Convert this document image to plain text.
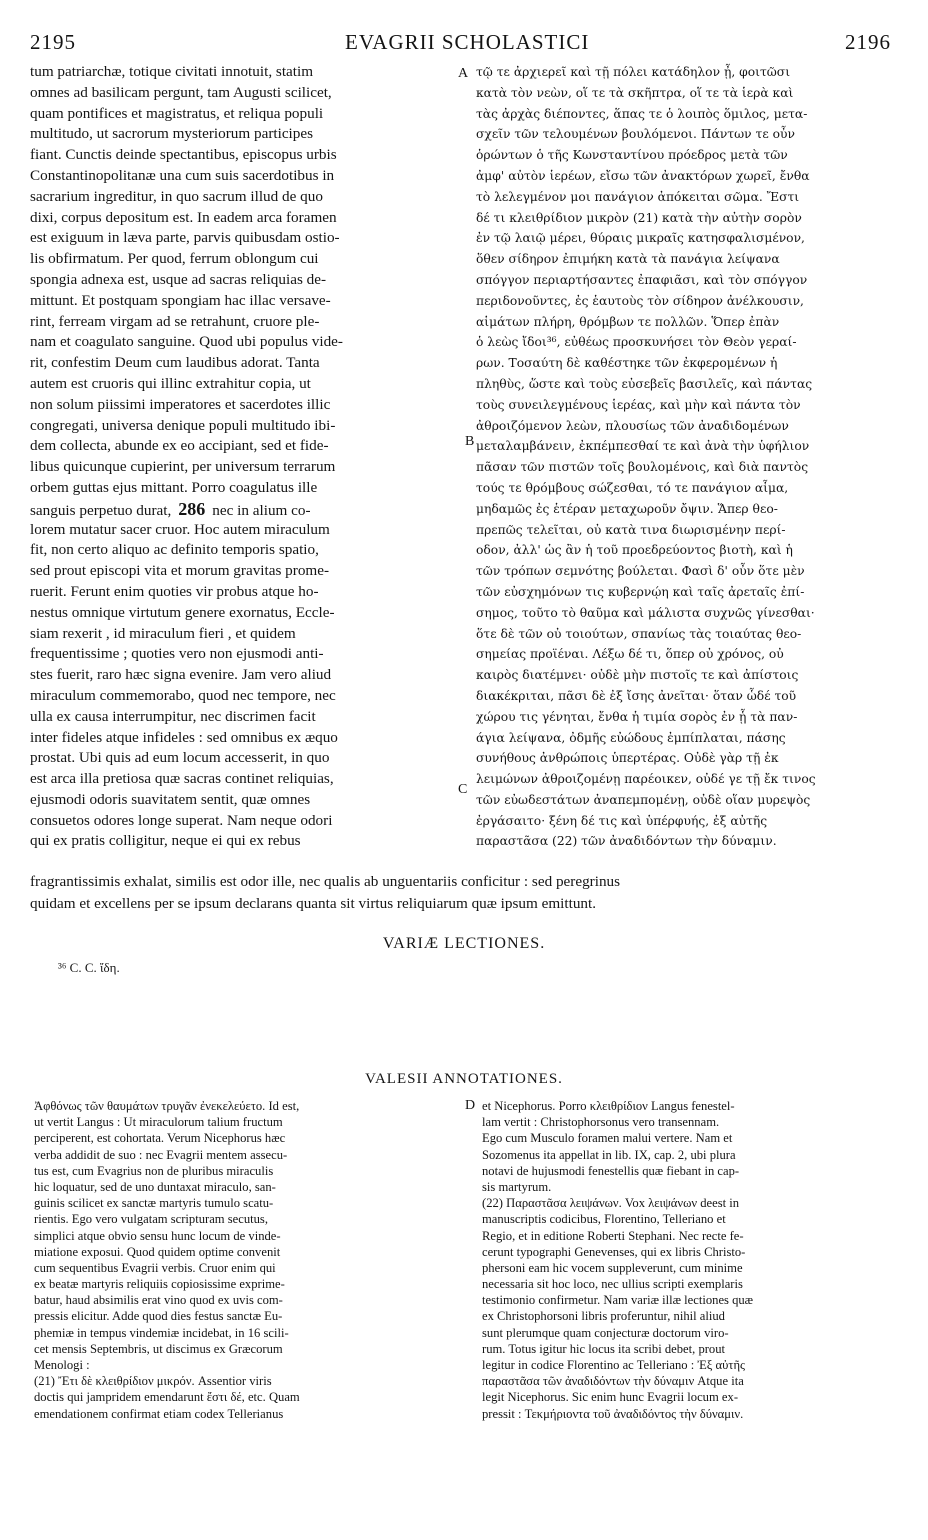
2195	EVAGRII SCHOLASTICI	2196
tum patriarchæ, totique civitati innotuit, statim
omnes ad basilicam pergunt, tam Augusti scilicet,
quam pontifices et magistratus, et reliqua populi
multitudo, ut sacrorum mysteriorum participes
fiant. Cunctis deinde spectantibus, episcopus urbis
Constantinopolitanæ una cum suis sacerdotibus in
sacrarium ingreditur, in quo sacrum illud de quo
dixi, corpus depositum est. In eadem arca foramen
est exiguum in læva parte, parvis quibusdam ostio-
lis obfirmatum. Per quod, ferrum oblongum cui
spongia adnexa est, usque ad sacras reliquias de-
mittunt. Et postquam spongiam hac illac versave-
rint, ferream virgam ad se retrahunt, cruore ple-
nam et coagulato sanguine. Quod ubi populus vide-
rit, confestim Deum cum laudibus adorat. Tanta
autem est cruoris qui illinc extrahitur copia, ut
non solum piissimi imperatores et sacerdotes illic
congregati, universa denique populi multitudo ibi-
dem collecta, abunde ex eo accipiant, sed et fide-
libus quicunque cupierint, per universum terrarum
orbem guttas ejus mittant. Porro coagulatus ille
sanguis perpetuo durat, 286 nec in alium co-
lorem mutatur sacer cruor. Hoc autem miraculum
fit, non certo aliquo ac definito temporis spatio,
sed prout episcopi vita et morum gravitas prome-
ruerit. Ferunt enim quoties vir probus atque ho-
nestus omnique virtutum genere exornatus, Eccle-
siam rexerit , id miraculum fieri , et quidem
frequentissime ; quoties vero non ejusmodi anti-
stes fuerit, raro hæc signa evenire. Jam vero aliud
miraculum commemorabo, quod nec tempore, nec
ulla ex causa interrumpitur, nec discrimen facit
inter fideles atque infideles : sed omnibus ex æquo
prostat. Ubi quis ad eum locum accesserit, in quo
est arca illa pretiosa quæ sacras continet reliquias,
ejusmodi odoris suavitatem sentit, quæ omnes
consuetos odores longe superat. Nam neque odori
qui ex pratis colligitur, neque ei qui ex rebus
τῷ τε ἀρχιερεῖ καὶ τῇ πόλει κατάδηλον ᾖ, φοιτῶσι
κατὰ τὸν νεὼν, οἵ τε τὰ σκῆπτρα, οἵ τε τὰ ἱερὰ καὶ
τὰς ἀρχὰς διέποντες, ἅπας τε ὁ λοιπὸς ὅμιλος, μετα-
σχεῖν τῶν τελουμένων βουλόμενοι. Πάντων τε οὖν
ὁρώντων ὁ τῆς Κωνσταντίνου πρόεδρος μετὰ τῶν
ἀμφ' αὐτὸν ἱερέων, εἴσω τῶν ἀνακτόρων χωρεῖ, ἔνθα
τὸ λελεγμένον μοι πανάγιον ἀπόκειται σῶμα. Ἔστι
δέ τι κλειθρίδιον μικρὸν (21) κατὰ τὴν αὐτὴν σορὸν
ἐν τῷ λαιῷ μέρει, θύραις μικραῖς κατησφαλισμένον,
ὅθεν σίδηρον ἐπιμήκη κατὰ τὰ πανάγια λείψανα
σπόγγον περιαρτήσαντες ἐπαφιᾶσι, καὶ τὸν σπόγγον
περιδονοῦντες, ἐς ἑαυτοὺς τὸν σίδηρον ἀνέλκουσιν,
αἱμάτων πλήρη, θρόμβων τε πολλῶν. Ὅπερ ἐπὰν
ὁ λεὼς ἴδοι³⁶, εὐθέως προσκυνήσει τὸν Θεὸν γεραί-
ρων. Τοσαύτη δὲ καθέστηκε τῶν ἐκφερομένων ἡ
πληθὺς, ὥστε καὶ τοὺς εὐσεβεῖς βασιλεῖς, καὶ πάντας
τοὺς συνειλεγμένους ἱερέας, καὶ μὴν καὶ πάντα τὸν
ἀθροιζόμενον λεὼν, πλουσίως τῶν ἀναδιδομένων
μεταλαμβάνειν, ἐκπέμπεσθαί τε καὶ ἀνὰ τὴν ὑφήλιον
πᾶσαν τῶν πιστῶν τοῖς βουλομένοις, καὶ διὰ παντὸς
τούς τε θρόμβους σώζεσθαι, τό τε πανάγιον αἷμα,
μηδαμῶς ἐς ἑτέραν μεταχωροῦν ὄψιν. Ἅπερ θεο-
πρεπῶς τελεῖται, οὐ κατὰ τινα διωρισμένην περί-
οδον, ἀλλ' ὡς ἂν ἡ τοῦ προεδρεύοντος βιοτὴ, καὶ ἡ
τῶν τρόπων σεμνότης βούλεται. Φασὶ δ' οὖν ὅτε μὲν
τῶν εὐσχημόνων τις κυβερνῴη καὶ ταῖς ἀρεταῖς ἐπί-
σημος, τοῦτο τὸ θαῦμα καὶ μάλιστα συχνῶς γίνεσθαι·
ὅτε δὲ τῶν οὐ τοιούτων, σπανίως τὰς τοιαύτας θεο-
σημείας προϊέναι. Λέξω δέ τι, ὅπερ οὐ χρόνος, οὐ
καιρὸς διατέμνει· οὐδὲ μὴν πιστοῖς τε καὶ ἀπίστοις
διακέκριται, πᾶσι δὲ ἐξ ἴσης ἀνεῖται· ὅταν ὧδέ τοῦ
χώρου τις γένηται, ἔνθα ἡ τιμία σορὸς ἐν ᾗ τὰ παν-
άγια λείψανα, ὀδμῆς εὐώδους ἐμπίπλαται, πάσης
συνήθους ἀνθρώποις ὑπερτέρας. Οὐδὲ γὰρ τῇ ἐκ
λειμώνων ἀθροιζομένῃ παρέοικεν, οὐδέ γε τῇ ἔκ τινος
τῶν εὐωδεστάτων ἀναπεμπομένῃ, οὐδὲ οἵαν μυρεψὸς
ἐργάσαιτο· ξένη δέ τις καὶ ὑπέρφυής, ἐξ αὐτῆς
παραστᾶσα (22) τῶν ἀναδιδόντων τὴν δύναμιν.
A
B
C
fragrantissimis exhalat, similis est odor ille, nec qualis ab unguentariis conficitur : sed peregrinus
quidam et excellens per se ipsum declarans quanta sit virtus reliquiarum quæ ipsum emittunt.
VARIÆ LECTIONES.
³⁶ C. C. ἴδη.
VALESII ANNOTATIONES.
Ἀφθόνως τῶν θαυμάτων τρυγᾶν ἐνεκελεύετο. Id est,
ut vertit Langus : Ut miraculorum talium fructum
perciperent, est cohortata. Verum Nicephorus hæc
verba addidit de suo : nec Evagrii mentem assecu-
tus est, cum Evagrius non de pluribus miraculis
hic loquatur, sed de uno duntaxat miraculo, san-
guinis scilicet ex sanctæ martyris tumulo scatu-
rientis. Ego vero vulgatam scripturam secutus,
simplici atque obvio sensu hunc locum de vinde-
miatione exposui. Quod quidem optime convenit
cum sequentibus Evagrii verbis. Cruor enim qui
ex beatæ martyris reliquiis copiosissime exprime-
batur, haud absimilis erat vino quod ex uvis com-
pressis elicitur. Adde quod dies festus sanctæ Eu-
phemiæ in tempus vindemiæ incidebat, in 16 scili-
cet mensis Septembris, ut discimus ex Græcorum
Menologi :
(21) Ἔτι δὲ κλειθρίδιον μικρόν. Assentior viris
doctis qui jampridem emendarunt ἔστι δέ, etc. Quam
emendationem confirmat etiam codex Tellerianus
D et Nicephorus. Porro κλειθρίδιον Langus fenestel-
lam vertit : Christophorsonus vero transennam.
Ego cum Musculo foramen malui vertere. Nam et
Sozomenus ita appellat in lib. IX, cap. 2, ubi plura
notavi de hujusmodi fenestellis quæ fiebant in cap-
sis martyrum.
(22) Παραστᾶσα λειψάνων. Vox λειψάνων deest in
manuscriptis codicibus, Florentino, Telleriano et
Regio, et in editione Roberti Stephani. Nec recte fe-
cerunt typographi Genevenses, qui ex libris Christo-
phersoni eam hic vocem suppleverunt, cum minime
necessaria sit hoc loco, nec ullius scripti exemplaris
testimonio confirmetur. Nam variæ illæ lectiones quæ
ex Christophorsoni libris proferuntur, nihil aliud
sunt plerumque quam conjecturæ doctorum viro-
rum. Totus igitur hic locus ita scribi debet, prout
legitur in codice Florentino ac Telleriano : Ἐξ αὐτῆς
παραστᾶσα τῶν ἀναδιδόντων τὴν δύναμιν Atque ita
legit Nicephorus. Sic enim hunc Evagrii locum ex-
pressit : Τεκμήριοντα τοῦ ἀναδιδόντος τὴν δύναμιν.
